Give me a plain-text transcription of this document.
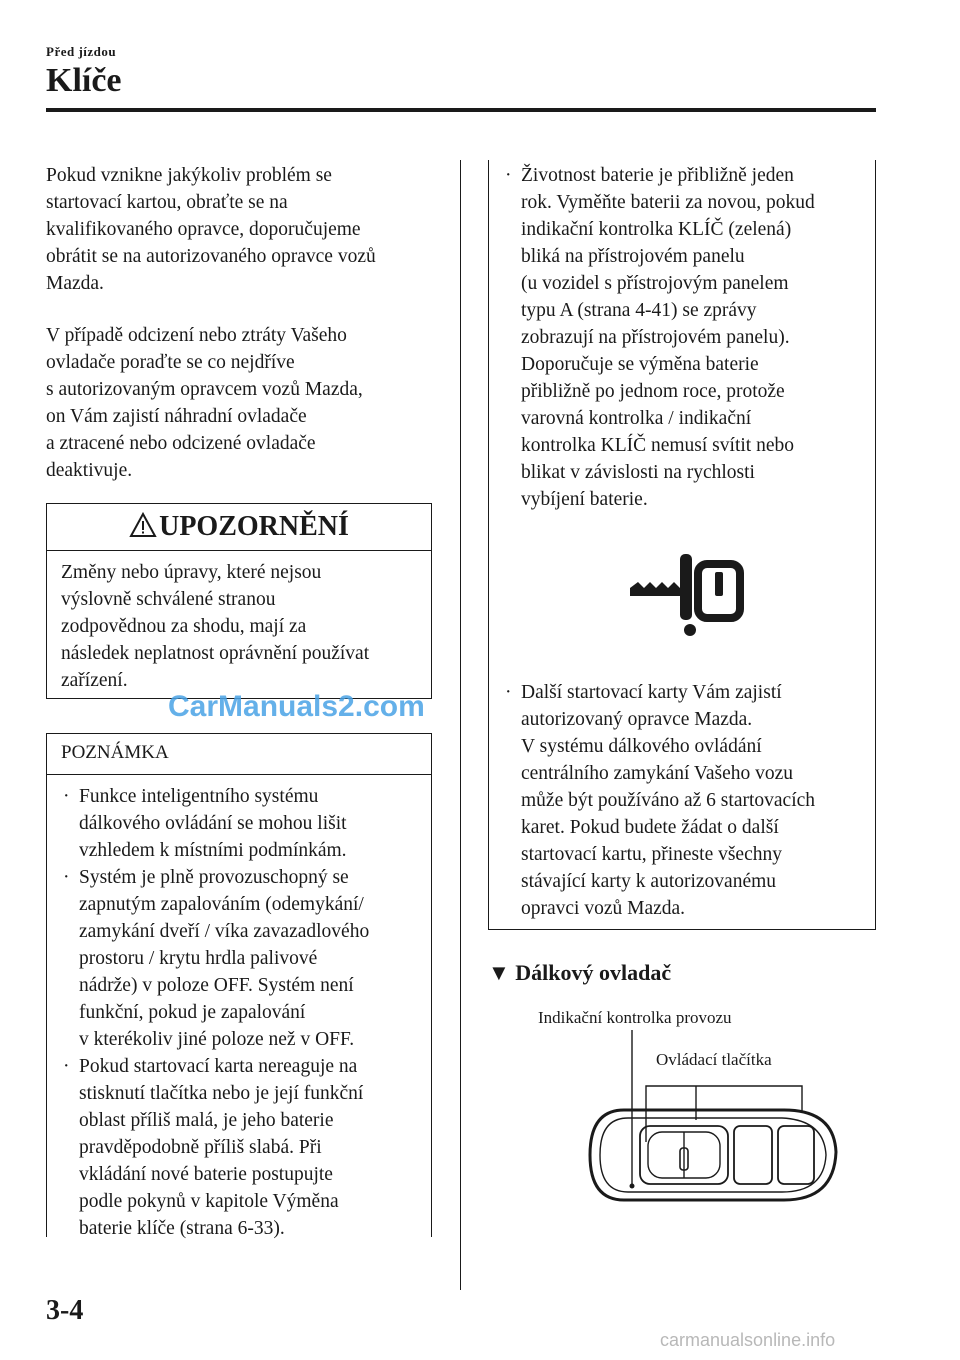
Před jízdou
Klíče
Pokud vznikne jakýkoliv problém se
startovací kartou, obraťte se na
kvalifikovaného opravce, doporučujeme
obrátit se na autorizovaného opravce vozů
Mazda.
V případě odcizení nebo ztráty Vašeho
ovladače poraďte se co nejdříve
s autorizovaným opravcem vozů Mazda,
on Vám zajistí náhradní ovladače
a ztracené nebo odcizené ovladače
deaktivuje.
UPOZORNĚNÍ
Změny nebo úpravy, které nejsou
výslovně schválené stranou
zodpovědnou za shodu, mají za
následek neplatnost oprávnění používat
zařízení.
POZNÁMKA
· Funkce inteligentního systému
dálkového ovládání se mohou lišit
vzhledem k místními podmínkám.
· Systém je plně provozuschopný se
zapnutým zapalováním (odemykání/
zamykání dveří / víka zavazadlového
prostoru / krytu hrdla palivové
nádrže) v poloze OFF. Systém není
funkční, pokud je zapalování
v kterékoliv jiné poloze než v OFF.
· Pokud startovací karta nereaguje na
stisknutí tlačítka nebo je její funkční
oblast příliš malá, je jeho baterie
pravděpodobně příliš slabá. Při
vkládání nové baterie postupujte
podle pokynů v kapitole Výměna
baterie klíče (strana 6-33).
· Životnost baterie je přibližně jeden
rok. Vyměňte baterii za novou, pokud
indikační kontrolka KLÍČ (zelená)
bliká na přístrojovém panelu
(u vozidel s přístrojovým panelem
typu A (strana 4-41) se zprávy
zobrazují na přístrojovém panelu).
Doporučuje se výměna baterie
přibližně po jednom roce, protože
varovná kontrolka / indikační
kontrolka KLÍČ nemusí svítit nebo
blikat v závislosti na rychlosti
vybíjení baterie.
· Další startovací karty Vám zajistí
autorizovaný opravce Mazda.
V systému dálkového ovládání
centrálního zamykání Vašeho vozu
může být používáno až 6 startovacích
karet. Pokud budete žádat o další
startovací kartu, přineste všechny
stávající karty k autorizovanému
opravci vozů Mazda.
▼ Dálkový ovladač
Indikační kontrolka provozu
Ovládací tlačítka
3-4
CarManuals2.com
carmanualsonline.info
